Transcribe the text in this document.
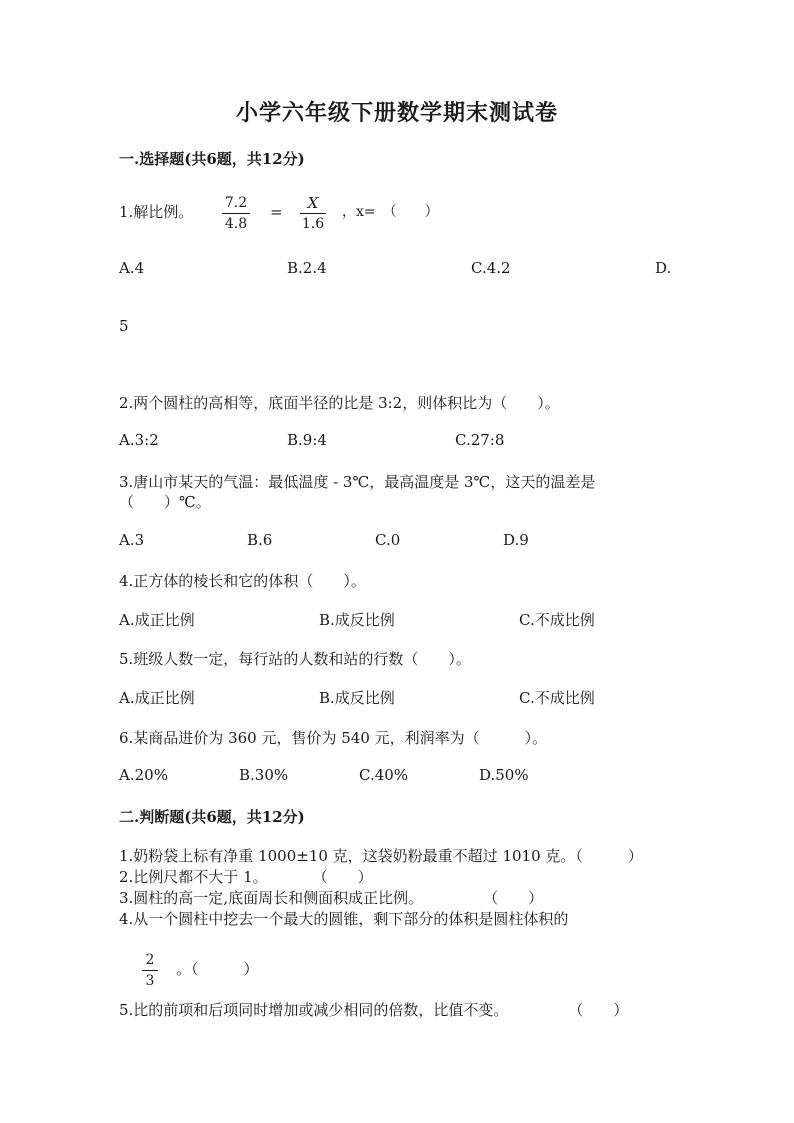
小学六年级下册数学期末测试卷
一.选择题(共6题，共12分)
1.解比例。 7.2
4.8
=	X
1.6
，x=　（　　）
A.4	B.2.4	C.4.2	D.
5
2.两个圆柱的高相等，底面半径的比是 3:2，则体积比为（　　）。
A.3:2	B.9:4	C.27:8
3.唐山市某天的气温：最低温度 - 3℃，最高温度是 3℃，这天的温差是
（　　）℃。
A.3	B.6	C.0	D.9
4.正方体的棱长和它的体积（　　）。
A.成正比例	B.成反比例	C.不成比例
5.班级人数一定，每行站的人数和站的行数（　　）。
A.成正比例	B.成反比例	C.不成比例
6.某商品进价为 360 元，售价为 540 元，利润率为（　　　）。
A.20%	B.30%	C.40%	D.50%
二.判断题(共6题，共12分)
1.奶粉袋上标有净重 1000±10 克，这袋奶粉最重不超过 1010 克。（　　　）
2.比例尺都不大于 1。　　　　（　　）
3.圆柱的高一定,底面周长和侧面积成正比例。　　　　　（　　）
4.从一个圆柱中挖去一个最大的圆锥，剩下部分的体积是圆柱体积的
2
3
。（　　　）
5.比的前项和后项同时增加或减少相同的倍数，比值不变。　　　　　（　　）
